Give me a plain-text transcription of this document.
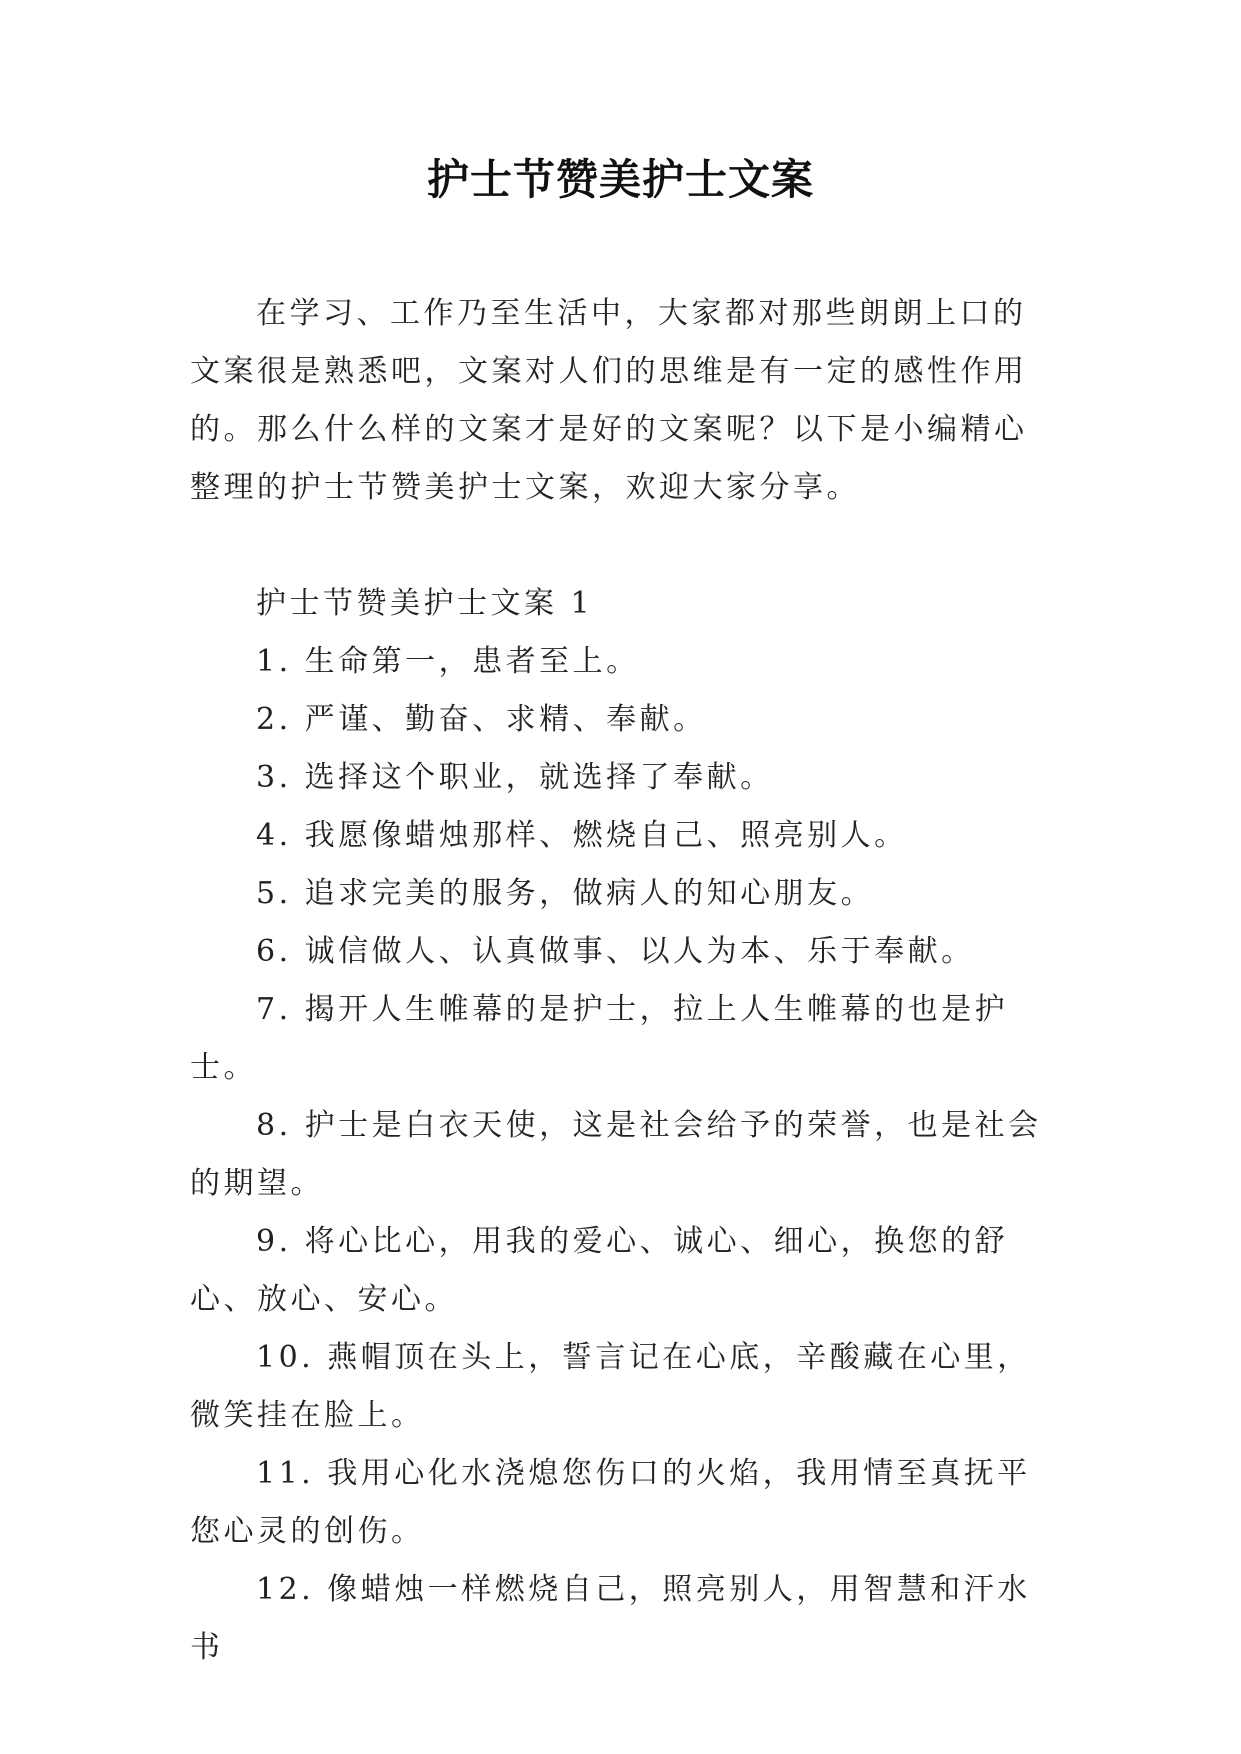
护士节赞美护士文案
在学习、工作乃至生活中，大家都对那些朗朗上口的文案很是熟悉吧，文案对人们的思维是有一定的感性作用的。那么什么样的文案才是好的文案呢？以下是小编精心整理的护士节赞美护士文案，欢迎大家分享。

护士节赞美护士文案 1

1. 生命第一，患者至上。

2. 严谨、勤奋、求精、奉献。

3. 选择这个职业，就选择了奉献。

4. 我愿像蜡烛那样、燃烧自己、照亮别人。

5. 追求完美的服务，做病人的知心朋友。

6. 诚信做人、认真做事、以人为本、乐于奉献。

7. 揭开人生帷幕的是护士，拉上人生帷幕的也是护士。

8. 护士是白衣天使，这是社会给予的荣誉，也是社会的期望。

9. 将心比心，用我的爱心、诚心、细心，换您的舒心、放心、安心。

10. 燕帽顶在头上，誓言记在心底，辛酸藏在心里，微笑挂在脸上。

11. 我用心化水浇熄您伤口的火焰，我用情至真抚平您心灵的创伤。

12. 像蜡烛一样燃烧自己，照亮别人，用智慧和汗水书
